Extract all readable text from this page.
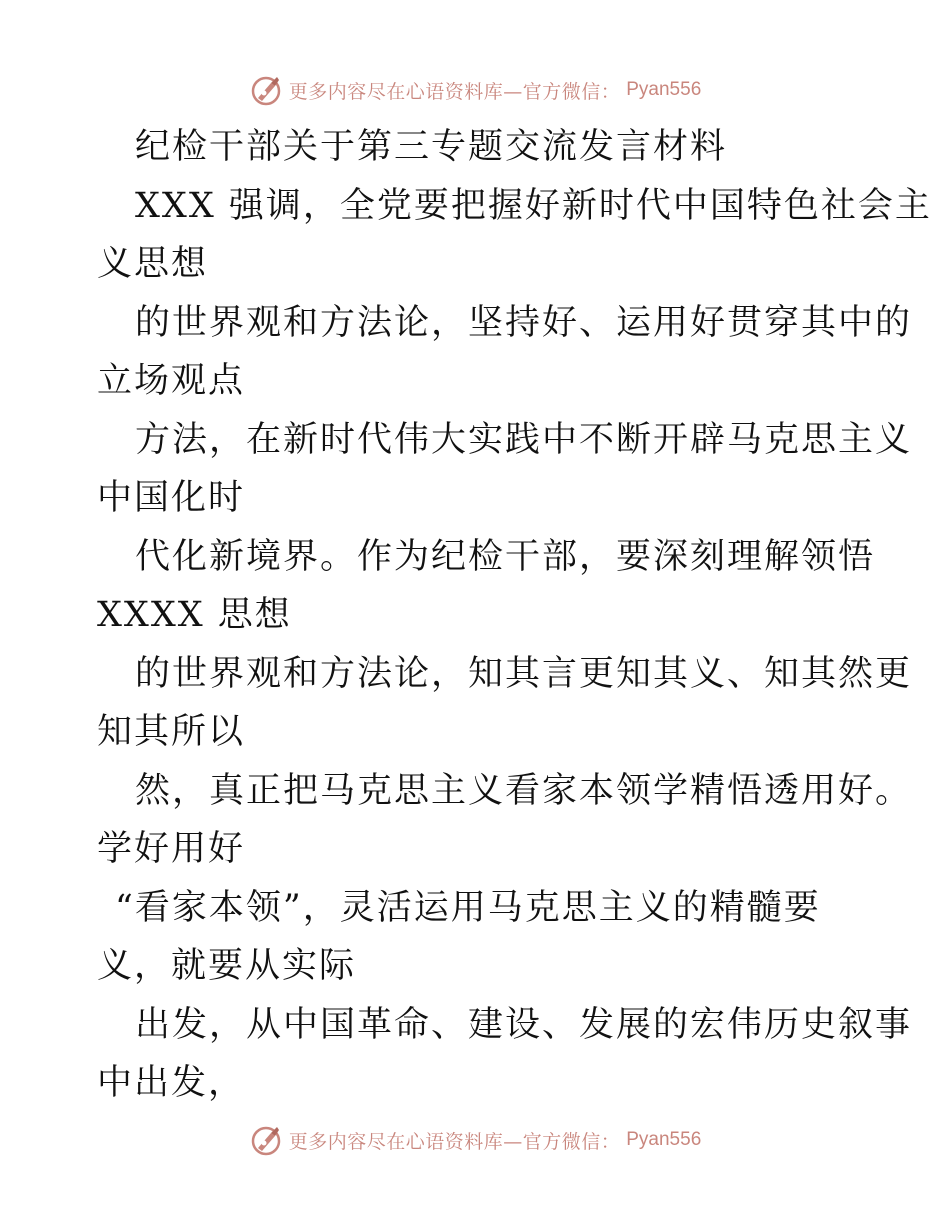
更多内容尽在心语资料库—官方微信： Pyan556
纪检干部关于第三专题交流发言材料
XXX 强调，全党要把握好新时代中国特色社会主
义思想
的世界观和方法论，坚持好、运用好贯穿其中的
立场观点
方法，在新时代伟大实践中不断开辟马克思主义
中国化时
代化新境界。作为纪检干部，要深刻理解领悟
XXXX 思想
的世界观和方法论，知其言更知其义、知其然更
知其所以
然，真正把马克思主义看家本领学精悟透用好。
学好用好
“看家本领”，灵活运用马克思主义的精髓要
义，就要从实际
出发，从中国革命、建设、发展的宏伟历史叙事
中出发，
更多内容尽在心语资料库—官方微信： Pyan556
